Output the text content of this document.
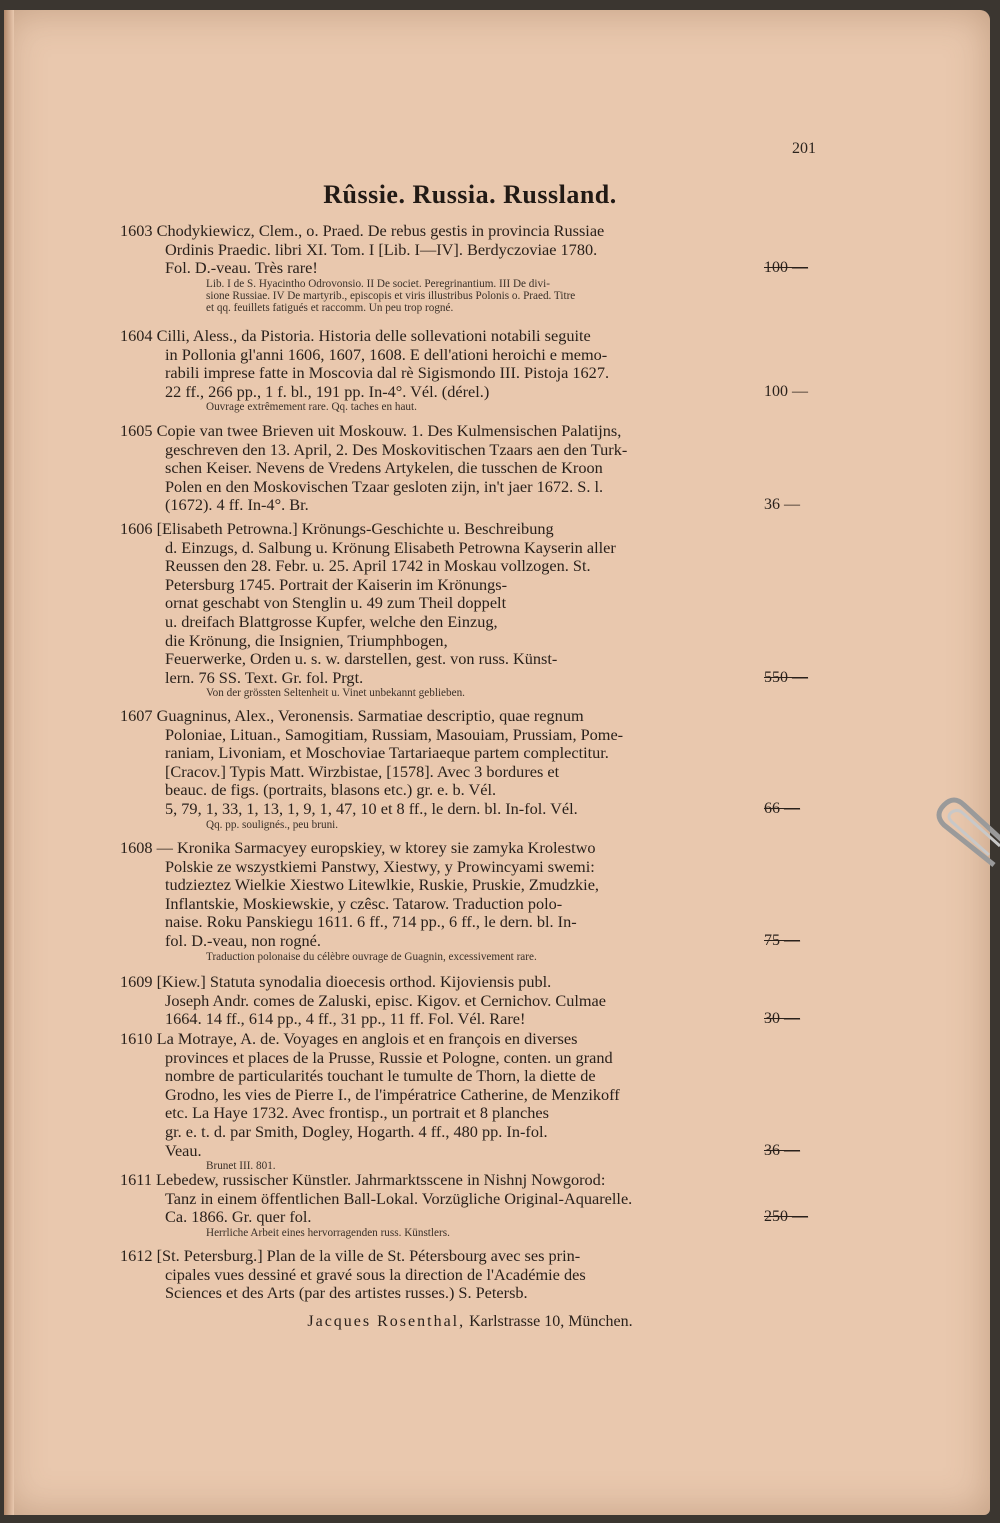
201
Rûssie. Russia. Russland.
1603 Chodykiewicz, Clem., o. Praed. De rebus gestis in provincia Russiae
Ordinis Praedic. libri XI. Tom. I [Lib. I—IV]. Berdyczoviae 1780.
Fol. D.-veau. Très rare!
Lib. I de S. Hyacintho Odrovonsio. II De societ. Peregrinantium. III De divi-
sione Russiae. IV De martyrib., episcopis et viris illustribus Polonis o. Praed. Titre
et qq. feuillets fatigués et raccomm. Un peu trop rogné.
100 —
1604 Cilli, Aless., da Pistoria. Historia delle sollevationi notabili seguite
in Pollonia gl'anni 1606, 1607, 1608. E dell'ationi heroichi e memo-
rabili imprese fatte in Moscovia dal rè Sigismondo III. Pistoja 1627.
22 ff., 266 pp., 1 f. bl., 191 pp. In-4°. Vél. (dérel.)
Ouvrage extrêmement rare. Qq. taches en haut.
100 —
1605 Copie van twee Brieven uit Moskouw. 1. Des Kulmensischen Palatijns,
geschreven den 13. April, 2. Des Moskovitischen Tzaars aen den Turk-
schen Keiser. Nevens de Vredens Artykelen, die tusschen de Kroon
Polen en den Moskovischen Tzaar gesloten zijn, in't jaer 1672. S. l.
(1672). 4 ff. In-4°. Br.	36 —
1606 [Elisabeth Petrowna.] Krönungs-Geschichte u. Beschreibung
d. Einzugs, d. Salbung u. Krönung Elisabeth Petrowna Kayserin aller
Reussen den 28. Febr. u. 25. April 1742 in Moskau vollzogen. St.
Petersburg 1745. Portrait der Kaiserin im Krönungs-
ornat geschabt von Stenglin u. 49 zum Theil doppelt
u. dreifach Blattgrosse Kupfer, welche den Einzug,
die Krönung, die Insignien, Triumphbogen,
Feuerwerke, Orden u. s. w. darstellen, gest. von russ. Künst-
lern. 76 SS. Text. Gr. fol. Prgt.
Von der grössten Seltenheit u. Vinet unbekannt geblieben.
550 —
1607 Guagninus, Alex., Veronensis. Sarmatiae descriptio, quae regnum
Poloniae, Lituan., Samogitiam, Russiam, Masouiam, Prussiam, Pome-
raniam, Livoniam, et Moschoviae Tartariaeque partem complectitur.
[Cracov.] Typis Matt. Wirzbistae, [1578]. Avec 3 bordures et
beauc. de figs. (portraits, blasons etc.) gr. e. b. Vél.
5, 79, 1, 33, 1, 13, 1, 9, 1, 47, 10 et 8 ff., le dern. bl. In-fol. Vél.
Qq. pp. soulignés., peu bruni.
66 —
1608 — Kronika Sarmacyey europskiey, w ktorey sie zamyka Krolestwo
Polskie ze wszystkiemi Panstwy, Xiestwy, y Prowincyami swemi:
tudzieztez Wielkie Xiestwo Litewlkie, Ruskie, Pruskie, Zmudzkie,
Inflantskie, Moskiewskie, y czêsc. Tatarow. Traduction polo-
naise. Roku Panskiegu 1611. 6 ff., 714 pp., 6 ff., le dern. bl. In-
fol. D.-veau, non rogné.
Traduction polonaise du célèbre ouvrage de Guagnin, excessivement rare.
75 —
1609 [Kiew.] Statuta synodalia dioecesis orthod. Kijoviensis publ.
Joseph Andr. comes de Zaluski, episc. Kigov. et Cernichov. Culmae
1664. 14 ff., 614 pp., 4 ff., 31 pp., 11 ff. Fol. Vél. Rare!	30 —
1610 La Motraye, A. de. Voyages en anglois et en françois en diverses
provinces et places de la Prusse, Russie et Pologne, conten. un grand
nombre de particularités touchant le tumulte de Thorn, la diette de
Grodno, les vies de Pierre I., de l'impératrice Catherine, de Menzikoff
etc. La Haye 1732. Avec frontisp., un portrait et 8 planches
gr. e. t. d. par Smith, Dogley, Hogarth. 4 ff., 480 pp. In-fol.
Veau.
Brunet III. 801.
36 —
1611 Lebedew, russischer Künstler. Jahrmarktsscene in Nishnj Nowgorod:
Tanz in einem öffentlichen Ball-Lokal. Vorzügliche Original-Aquarelle.
Ca. 1866. Gr. quer fol.
Herrliche Arbeit eines hervorragenden russ. Künstlers.
250 —
1612 [St. Petersburg.] Plan de la ville de St. Pétersbourg avec ses prin-
cipales vues dessiné et gravé sous la direction de l'Académie des
Sciences et des Arts (par des artistes russes.) S. Petersb.
Jacques Rosenthal, Karlstrasse 10, München.
